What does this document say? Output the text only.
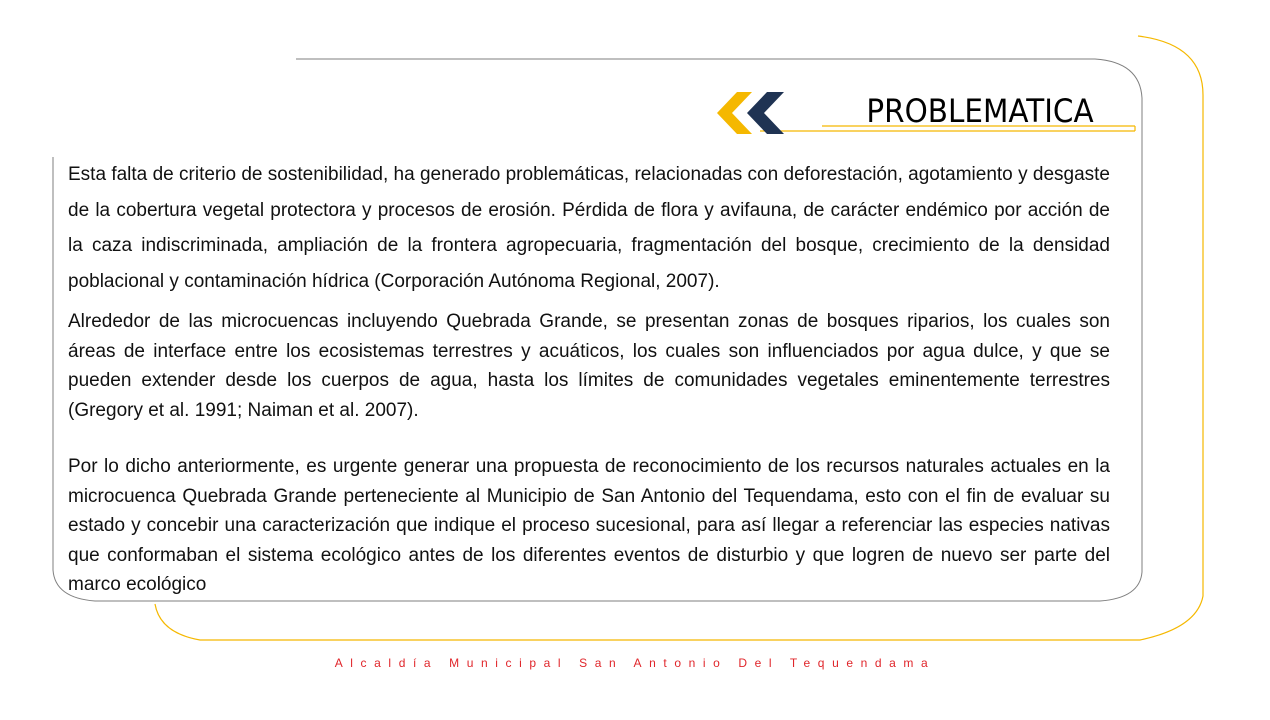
PROBLEMATICA

Esta falta de criterio de sostenibilidad, ha generado problemáticas, relacionadas con deforestación, agotamiento y desgaste de la cobertura vegetal protectora y procesos de erosión. Pérdida de flora y avifauna, de carácter endémico por acción de la caza indiscriminada, ampliación de la frontera agropecuaria, fragmentación del bosque, crecimiento de la densidad poblacional y contaminación hídrica (Corporación Autónoma Regional, 2007).

Alrededor de las microcuencas incluyendo Quebrada Grande, se presentan zonas de bosques riparios, los cuales son áreas de interface entre los ecosistemas terrestres y acuáticos, los cuales son influenciados por agua dulce, y que se pueden extender desde los cuerpos de agua, hasta los límites de comunidades vegetales eminentemente terrestres (Gregory et al. 1991; Naiman et al. 2007).

Por lo dicho anteriormente, es urgente generar una propuesta de reconocimiento de los recursos naturales actuales en la microcuenca Quebrada Grande perteneciente al Municipio de San Antonio del Tequendama, esto con el fin de evaluar su estado y concebir una caracterización que indique el proceso sucesional, para así llegar a referenciar las especies nativas que conformaban el sistema ecológico antes de los diferentes eventos de disturbio y que logren de nuevo ser parte del marco ecológico

Alcaldía Municipal San Antonio Del Tequendama
